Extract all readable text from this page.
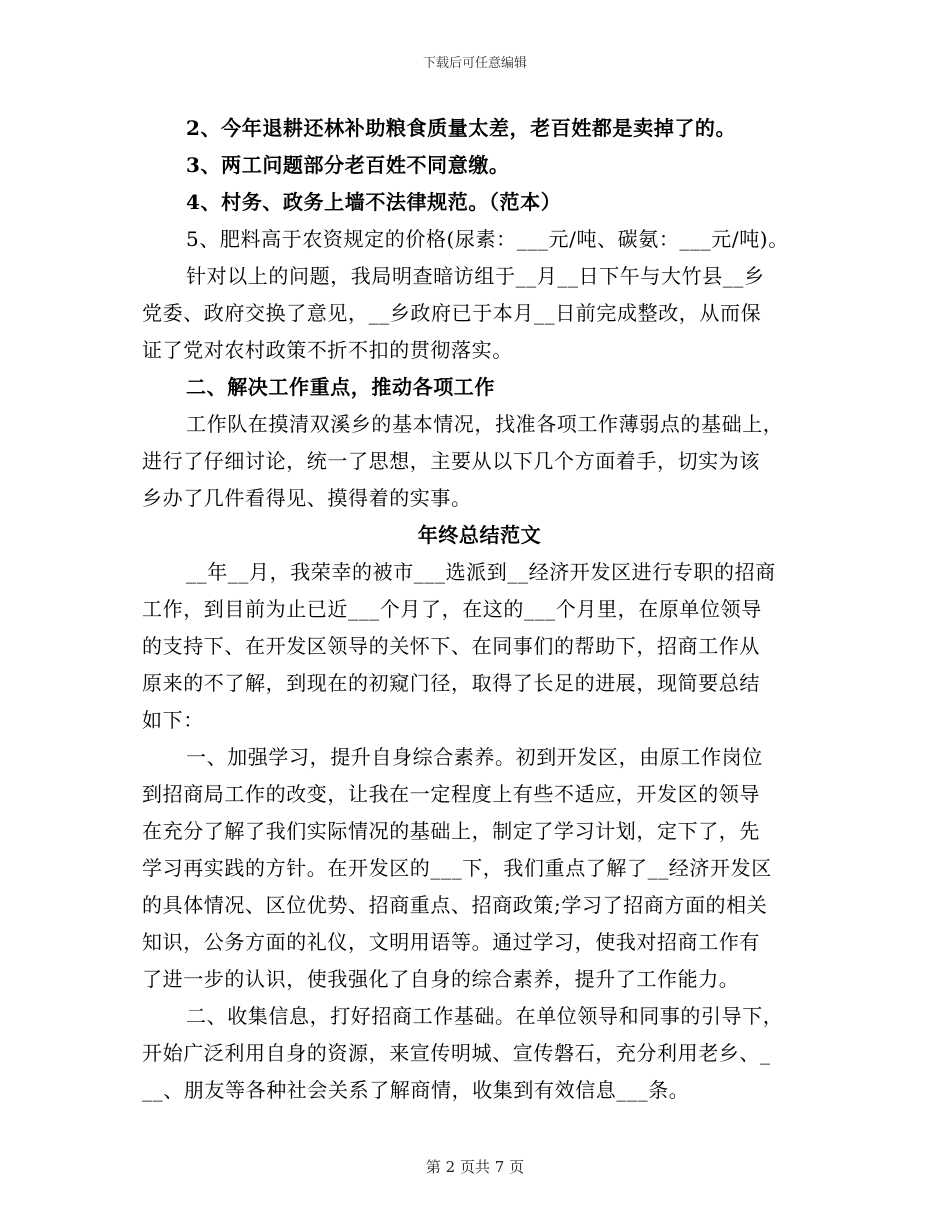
下载后可任意编辑
2、今年退耕还林补助粮食质量太差，老百姓都是卖掉了的。
3、两工问题部分老百姓不同意缴。
4、村务、政务上墙不法律规范。（范本）
5、肥料高于农资规定的价格(尿素：___元/吨、碳氨：___元/吨)。
针对以上的问题，我局明查暗访组于__月__日下午与大竹县__乡
党委、政府交换了意见，__乡政府已于本月__日前完成整改，从而保
证了党对农村政策不折不扣的贯彻落实。
二、解决工作重点，推动各项工作
工作队在摸清双溪乡的基本情况，找准各项工作薄弱点的基础上，
进行了仔细讨论，统一了思想，主要从以下几个方面着手，切实为该
乡办了几件看得见、摸得着的实事。
年终总结范文
__年__月，我荣幸的被市___选派到__经济开发区进行专职的招商
工作，到目前为止已近___个月了，在这的___个月里，在原单位领导
的支持下、在开发区领导的关怀下、在同事们的帮助下，招商工作从
原来的不了解，到现在的初窥门径，取得了长足的进展，现简要总结
如下：
一、加强学习，提升自身综合素养。初到开发区，由原工作岗位
到招商局工作的改变，让我在一定程度上有些不适应，开发区的领导
在充分了解了我们实际情况的基础上，制定了学习计划，定下了，先
学习再实践的方针。在开发区的___下，我们重点了解了__经济开发区
的具体情况、区位优势、招商重点、招商政策;学习了招商方面的相关
知识，公务方面的礼仪，文明用语等。通过学习，使我对招商工作有
了进一步的认识，使我强化了自身的综合素养，提升了工作能力。
二、收集信息，打好招商工作基础。在单位领导和同事的引导下，
开始广泛利用自身的资源，来宣传明城、宣传磐石，充分利用老乡、_
__、朋友等各种社会关系了解商情，收集到有效信息___条。
第 2 页共 7 页
